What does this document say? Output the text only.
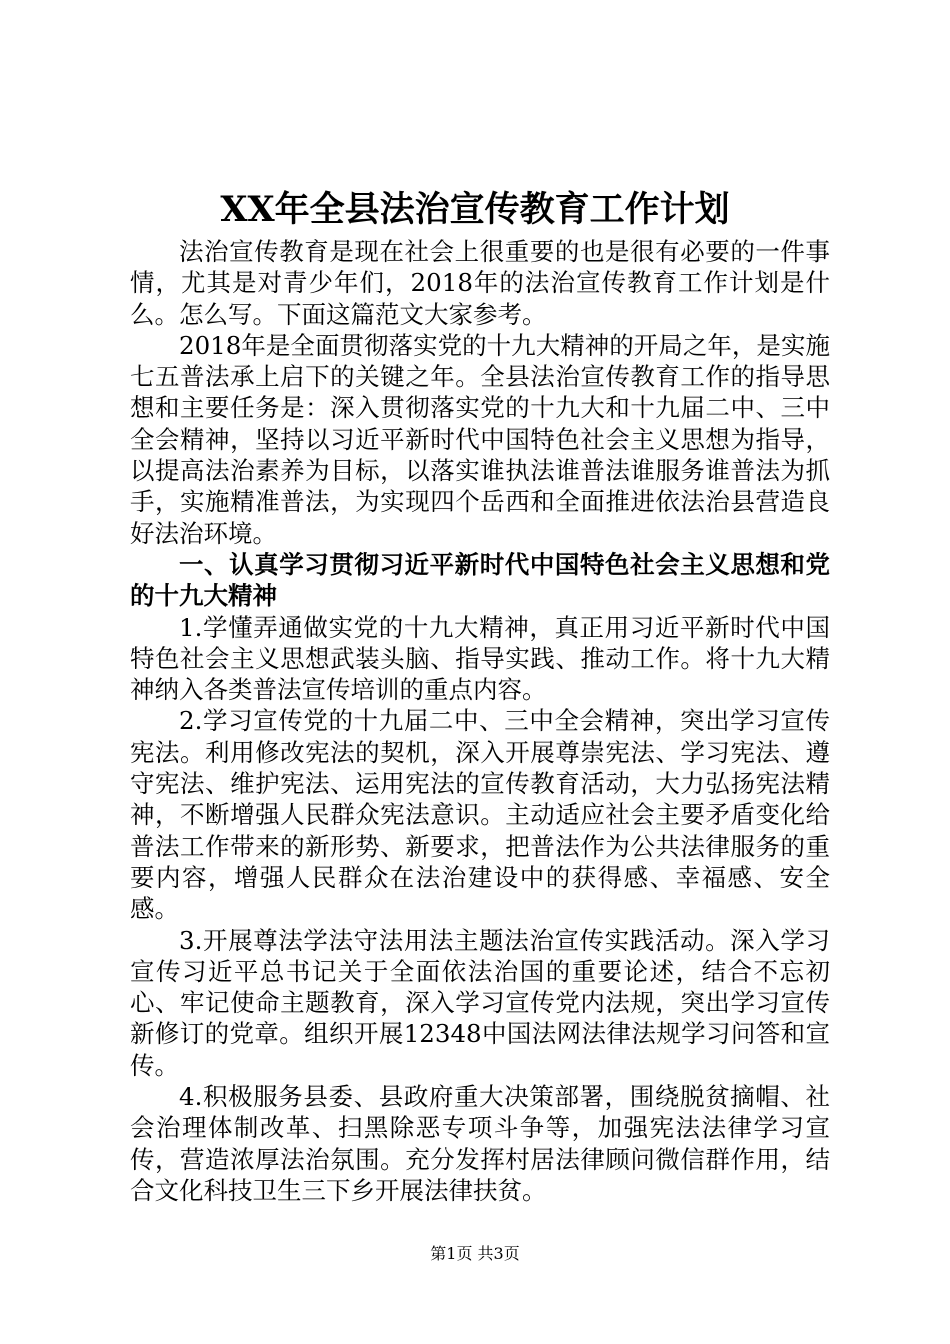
XX年全县法治宣传教育工作计划

法治宣传教育是现在社会上很重要的也是很有必要的一件事情，尤其是对青少年们，2018年的法治宣传教育工作计划是什么。怎么写。下面这篇范文大家参考。

2018年是全面贯彻落实党的十九大精神的开局之年，是实施七五普法承上启下的关键之年。全县法治宣传教育工作的指导思想和主要任务是：深入贯彻落实党的十九大和十九届二中、三中全会精神，坚持以习近平新时代中国特色社会主义思想为指导，以提高法治素养为目标，以落实谁执法谁普法谁服务谁普法为抓手，实施精准普法，为实现四个岳西和全面推进依法治县营造良好法治环境。

一、认真学习贯彻习近平新时代中国特色社会主义思想和党的十九大精神

1.学懂弄通做实党的十九大精神，真正用习近平新时代中国特色社会主义思想武装头脑、指导实践、推动工作。将十九大精神纳入各类普法宣传培训的重点内容。

2.学习宣传党的十九届二中、三中全会精神，突出学习宣传宪法。利用修改宪法的契机，深入开展尊崇宪法、学习宪法、遵守宪法、维护宪法、运用宪法的宣传教育活动，大力弘扬宪法精神，不断增强人民群众宪法意识。主动适应社会主要矛盾变化给普法工作带来的新形势、新要求，把普法作为公共法律服务的重要内容，增强人民群众在法治建设中的获得感、幸福感、安全感。

3.开展尊法学法守法用法主题法治宣传实践活动。深入学习宣传习近平总书记关于全面依法治国的重要论述，结合不忘初心、牢记使命主题教育，深入学习宣传党内法规，突出学习宣传新修订的党章。组织开展12348中国法网法律法规学习问答和宣传。

4.积极服务县委、县政府重大决策部署，围绕脱贫摘帽、社会治理体制改革、扫黑除恶专项斗争等，加强宪法法律学习宣传，营造浓厚法治氛围。充分发挥村居法律顾问微信群作用，结合文化科技卫生三下乡开展法律扶贫。

第1页 共3页
